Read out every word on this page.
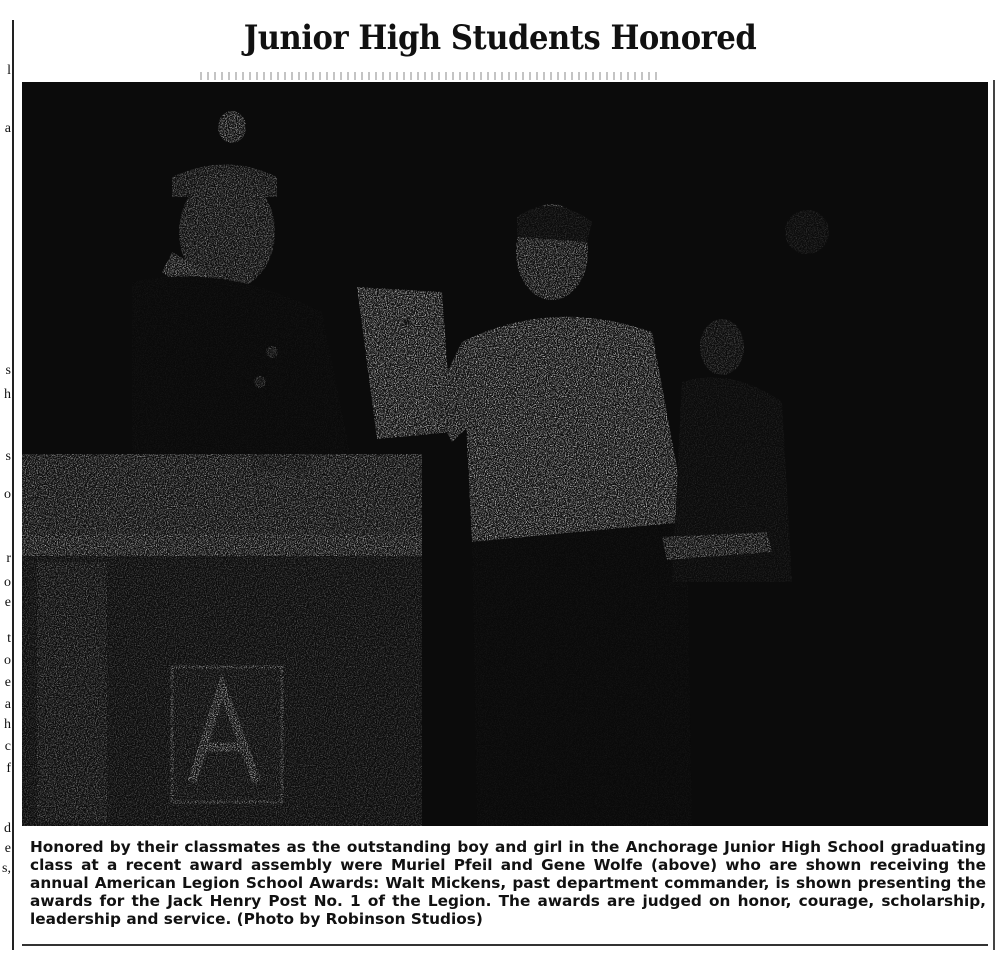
l
a
s
h
s
o
r
o
e
t
o
e
a
h
c
f
d
e
s,
Junior High Students Honored

Honored by their classmates as the outstanding boy and girl in the Anchorage Junior High School graduating class at a recent award assembly were Muriel Pfeil and Gene Wolfe (above) who are shown receiving the annual American Legion School Awards: Walt Mickens, past department commander, is shown presenting the awards for the Jack Henry Post No. 1 of the Legion. The awards are judged on honor, courage, scholarship, leadership and service. (Photo by Robinson Studios)
